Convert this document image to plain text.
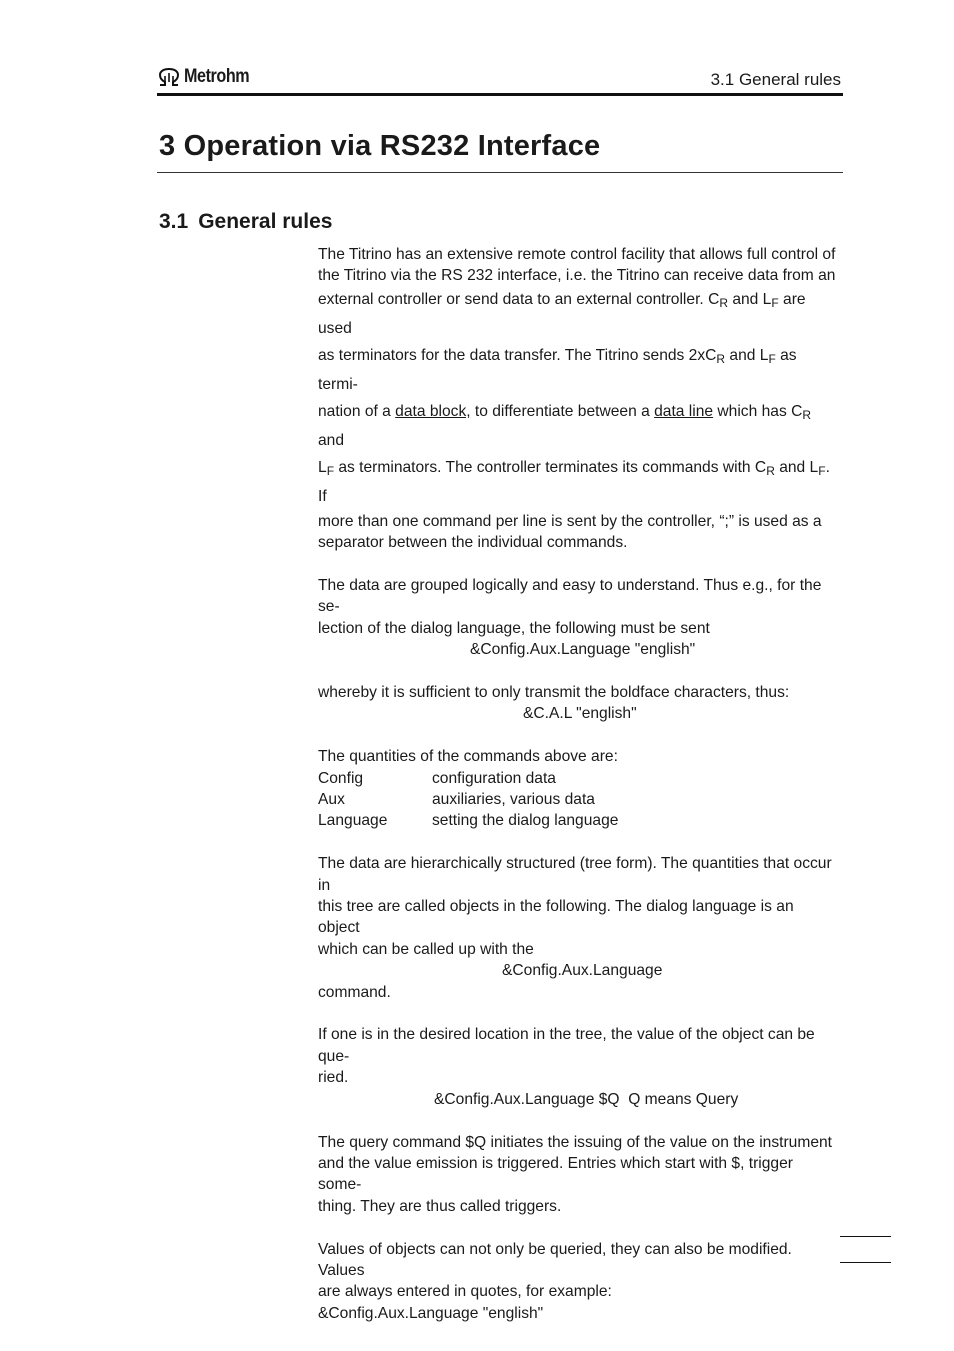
Metrohm	3.1 General rules
3 Operation via RS232 Interface
3.1 General rules

The Titrino has an extensive remote control facility that allows full control of

the Titrino via the RS 232 interface, i.e. the Titrino can receive data from an

external controller or send data to an external controller. $C_R$ and $L_F$ are used

as terminators for the data transfer. The Titrino sends $2xC_R$ and $L_F$ as termi-

nation of a data block, to differentiate between a data line which has $C_R$ and

$L_F$ as terminators. The controller terminates its commands with $C_R$ and $L_F$. If

more than one command per line is sent by the controller, “;” is used as a

separator between the individual commands.

The data are grouped logically and easy to understand. Thus e.g., for the se-

lection of the dialog language, the following must be sent

&Config.Aux.Language "english"

whereby it is sufficient to only transmit the boldface characters, thus:

&C.A.L "english"

The quantities of the commands above are:

Config	configuration data
Aux	auxiliaries, various data
Language	setting the dialog language

The data are hierarchically structured (tree form). The quantities that occur in

this tree are called objects in the following. The dialog language is an object

which can be called up with the

&Config.Aux.Language

command.

If one is in the desired location in the tree, the value of the object can be que-

ried.

&Config.Aux.Language $Q  Q means Query

The query command $Q initiates the issuing of the value on the instrument

and the value emission is triggered. Entries which start with $, trigger some-

thing. They are thus called triggers.

Values of objects can not only be queried, they can also be modified. Values

are always entered in quotes, for example:

&Config.Aux.Language "english"
